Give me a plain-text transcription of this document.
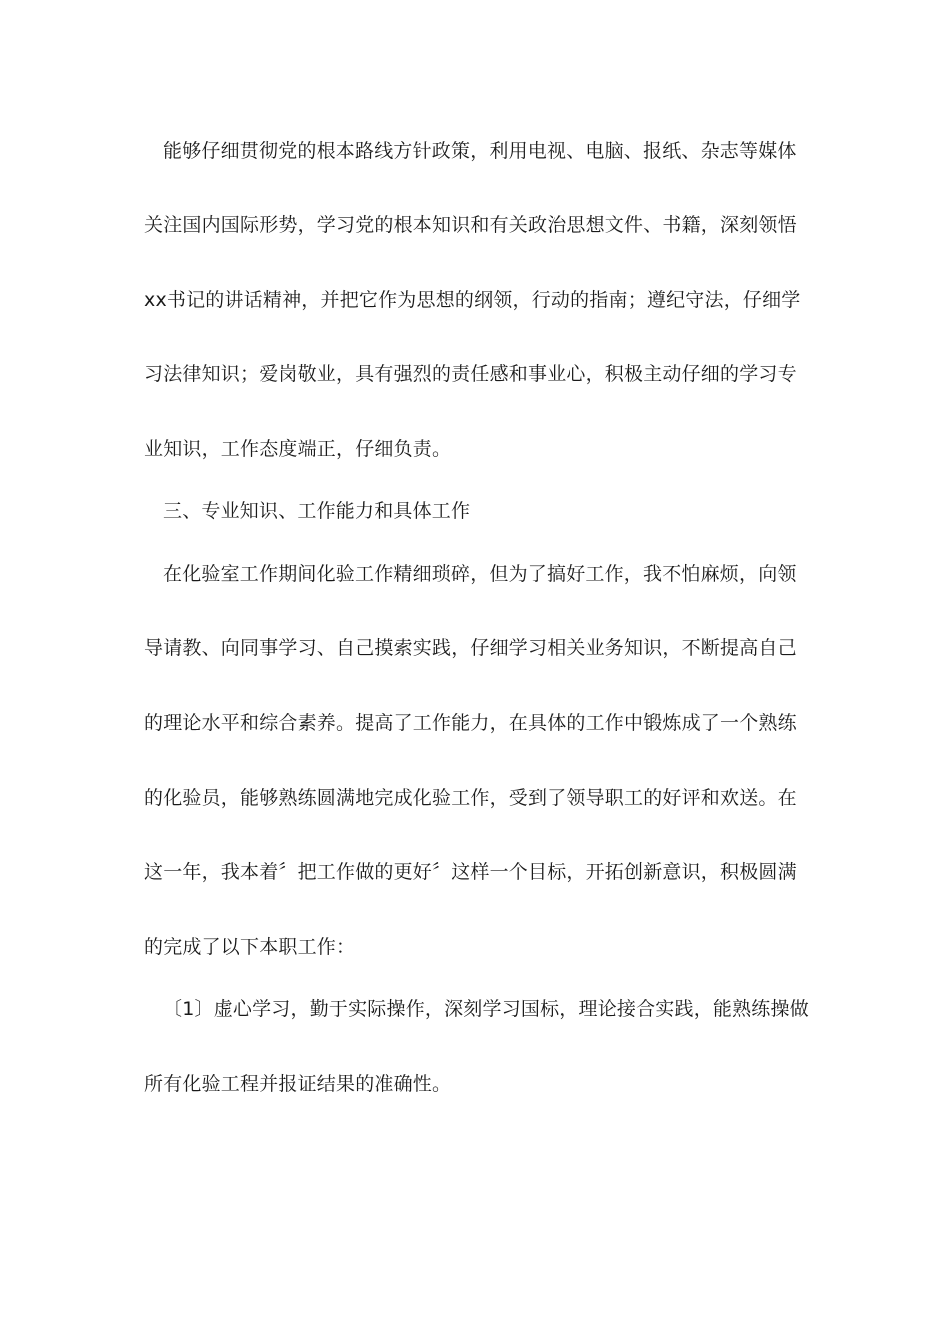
能够仔细贯彻党的根本路线方针政策，利用电视、电脑、报纸、杂志等媒体
关注国内国际形势，学习党的根本知识和有关政治思想文件、书籍，深刻领悟
xx书记的讲话精神，并把它作为思想的纲领，行动的指南；遵纪守法，仔细学
习法律知识；爱岗敬业，具有强烈的责任感和事业心，积极主动仔细的学习专
业知识，工作态度端正，仔细负责。
三、专业知识、工作能力和具体工作
在化验室工作期间化验工作精细琐碎，但为了搞好工作，我不怕麻烦，向领
导请教、向同事学习、自己摸索实践，仔细学习相关业务知识，不断提高自己
的理论水平和综合素养。提高了工作能力，在具体的工作中锻炼成了一个熟练
的化验员，能够熟练圆满地完成化验工作，受到了领导职工的好评和欢送。在
这一年，我本着〞把工作做的更好〞这样一个目标，开拓创新意识，积极圆满
的完成了以下本职工作：
〔1〕虚心学习，勤于实际操作，深刻学习国标，理论接合实践，能熟练操做
所有化验工程并报证结果的准确性。
